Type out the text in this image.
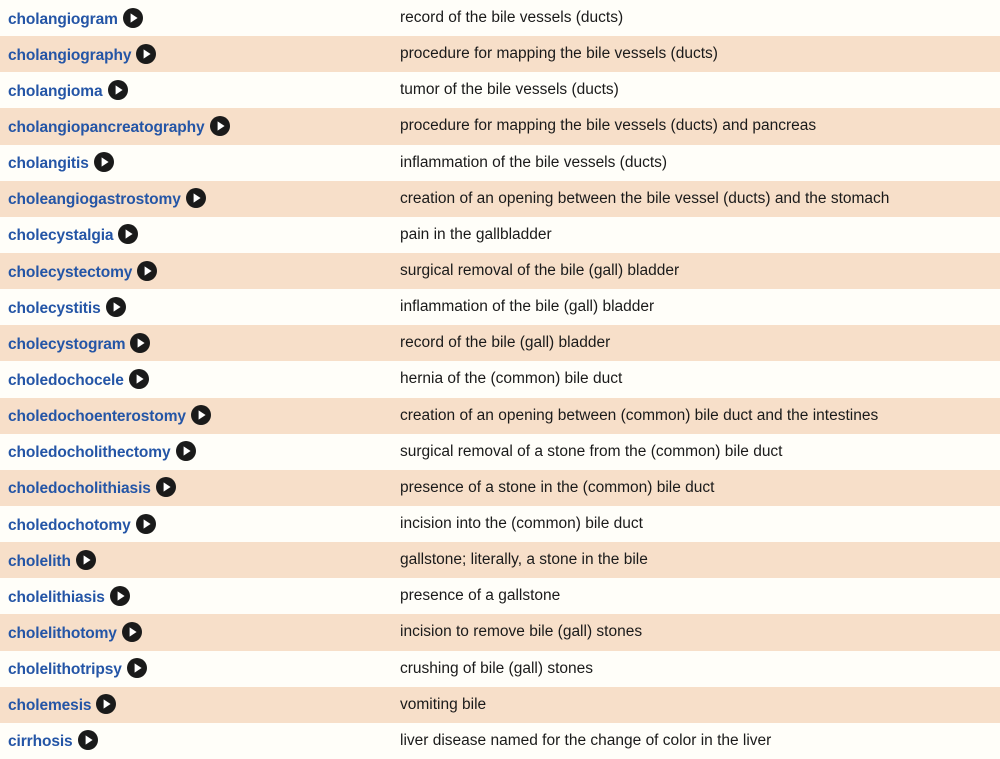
cholangiogram	record of the bile vessels (ducts)
cholangiography	procedure for mapping the bile vessels (ducts)
cholangioma	tumor of the bile vessels (ducts)
cholangiopancreatography	procedure for mapping the bile vessels (ducts) and pancreas
cholangitis	inflammation of the bile vessels (ducts)
choleangiogastrostomy	creation of an opening between the bile vessel (ducts) and the stomach
cholecystalgia	pain in the gallbladder
cholecystectomy	surgical removal of the bile (gall) bladder
cholecystitis	inflammation of the bile (gall) bladder
cholecystogram	record of the bile (gall) bladder
choledochocele	hernia of the (common) bile duct
choledochoenterostomy	creation of an opening between (common) bile duct and the intestines
choledocholithectomy	surgical removal of a stone from the (common) bile duct
choledocholithiasis	presence of a stone in the (common) bile duct
choledochotomy	incision into the (common) bile duct
cholelith	gallstone; literally, a stone in the bile
cholelithiasis	presence of a gallstone
cholelithotomy	incision to remove bile (gall) stones
cholelithotripsy	crushing of bile (gall) stones
cholemesis	vomiting bile
cirrhosis	liver disease named for the change of color in the liver
